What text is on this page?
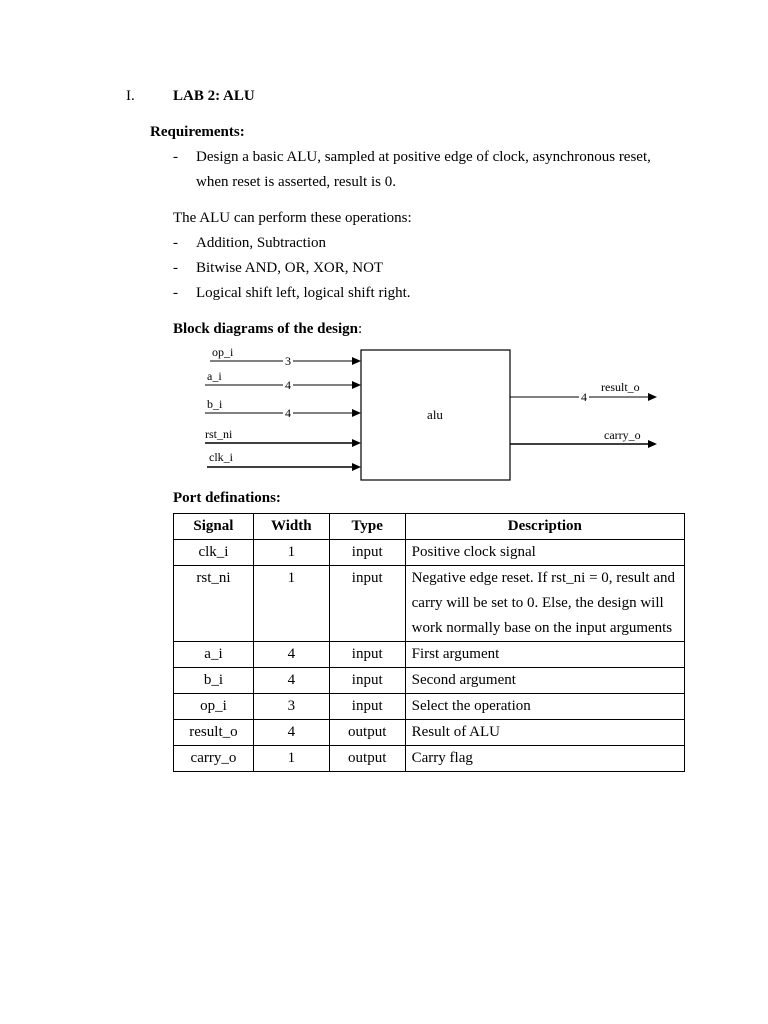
I.	LAB 2: ALU
Requirements:
- Design a basic ALU, sampled at positive edge of clock, asynchronous reset,
when reset is asserted, result is 0.
The ALU can perform these operations:
- Addition, Subtraction
- Bitwise AND, OR, XOR, NOT
- Logical shift left, logical shift right.
Block diagrams of the design:
alu
op_i
3
a_i
4
b_i
4
rst_ni
clk_i
4
result_o
carry_o
Port definations:
Signal	Width	Type	Description
clk_i	1	input	Positive clock signal
rst_ni	1	input	Negative edge reset. If rst_ni = 0, result and carry will be set to 0. Else, the design will work normally base on the input arguments
a_i	4	input	First argument
b_i	4	input	Second argument
op_i	3	input	Select the operation
result_o	4	output	Result of ALU
carry_o	1	output	Carry flag
